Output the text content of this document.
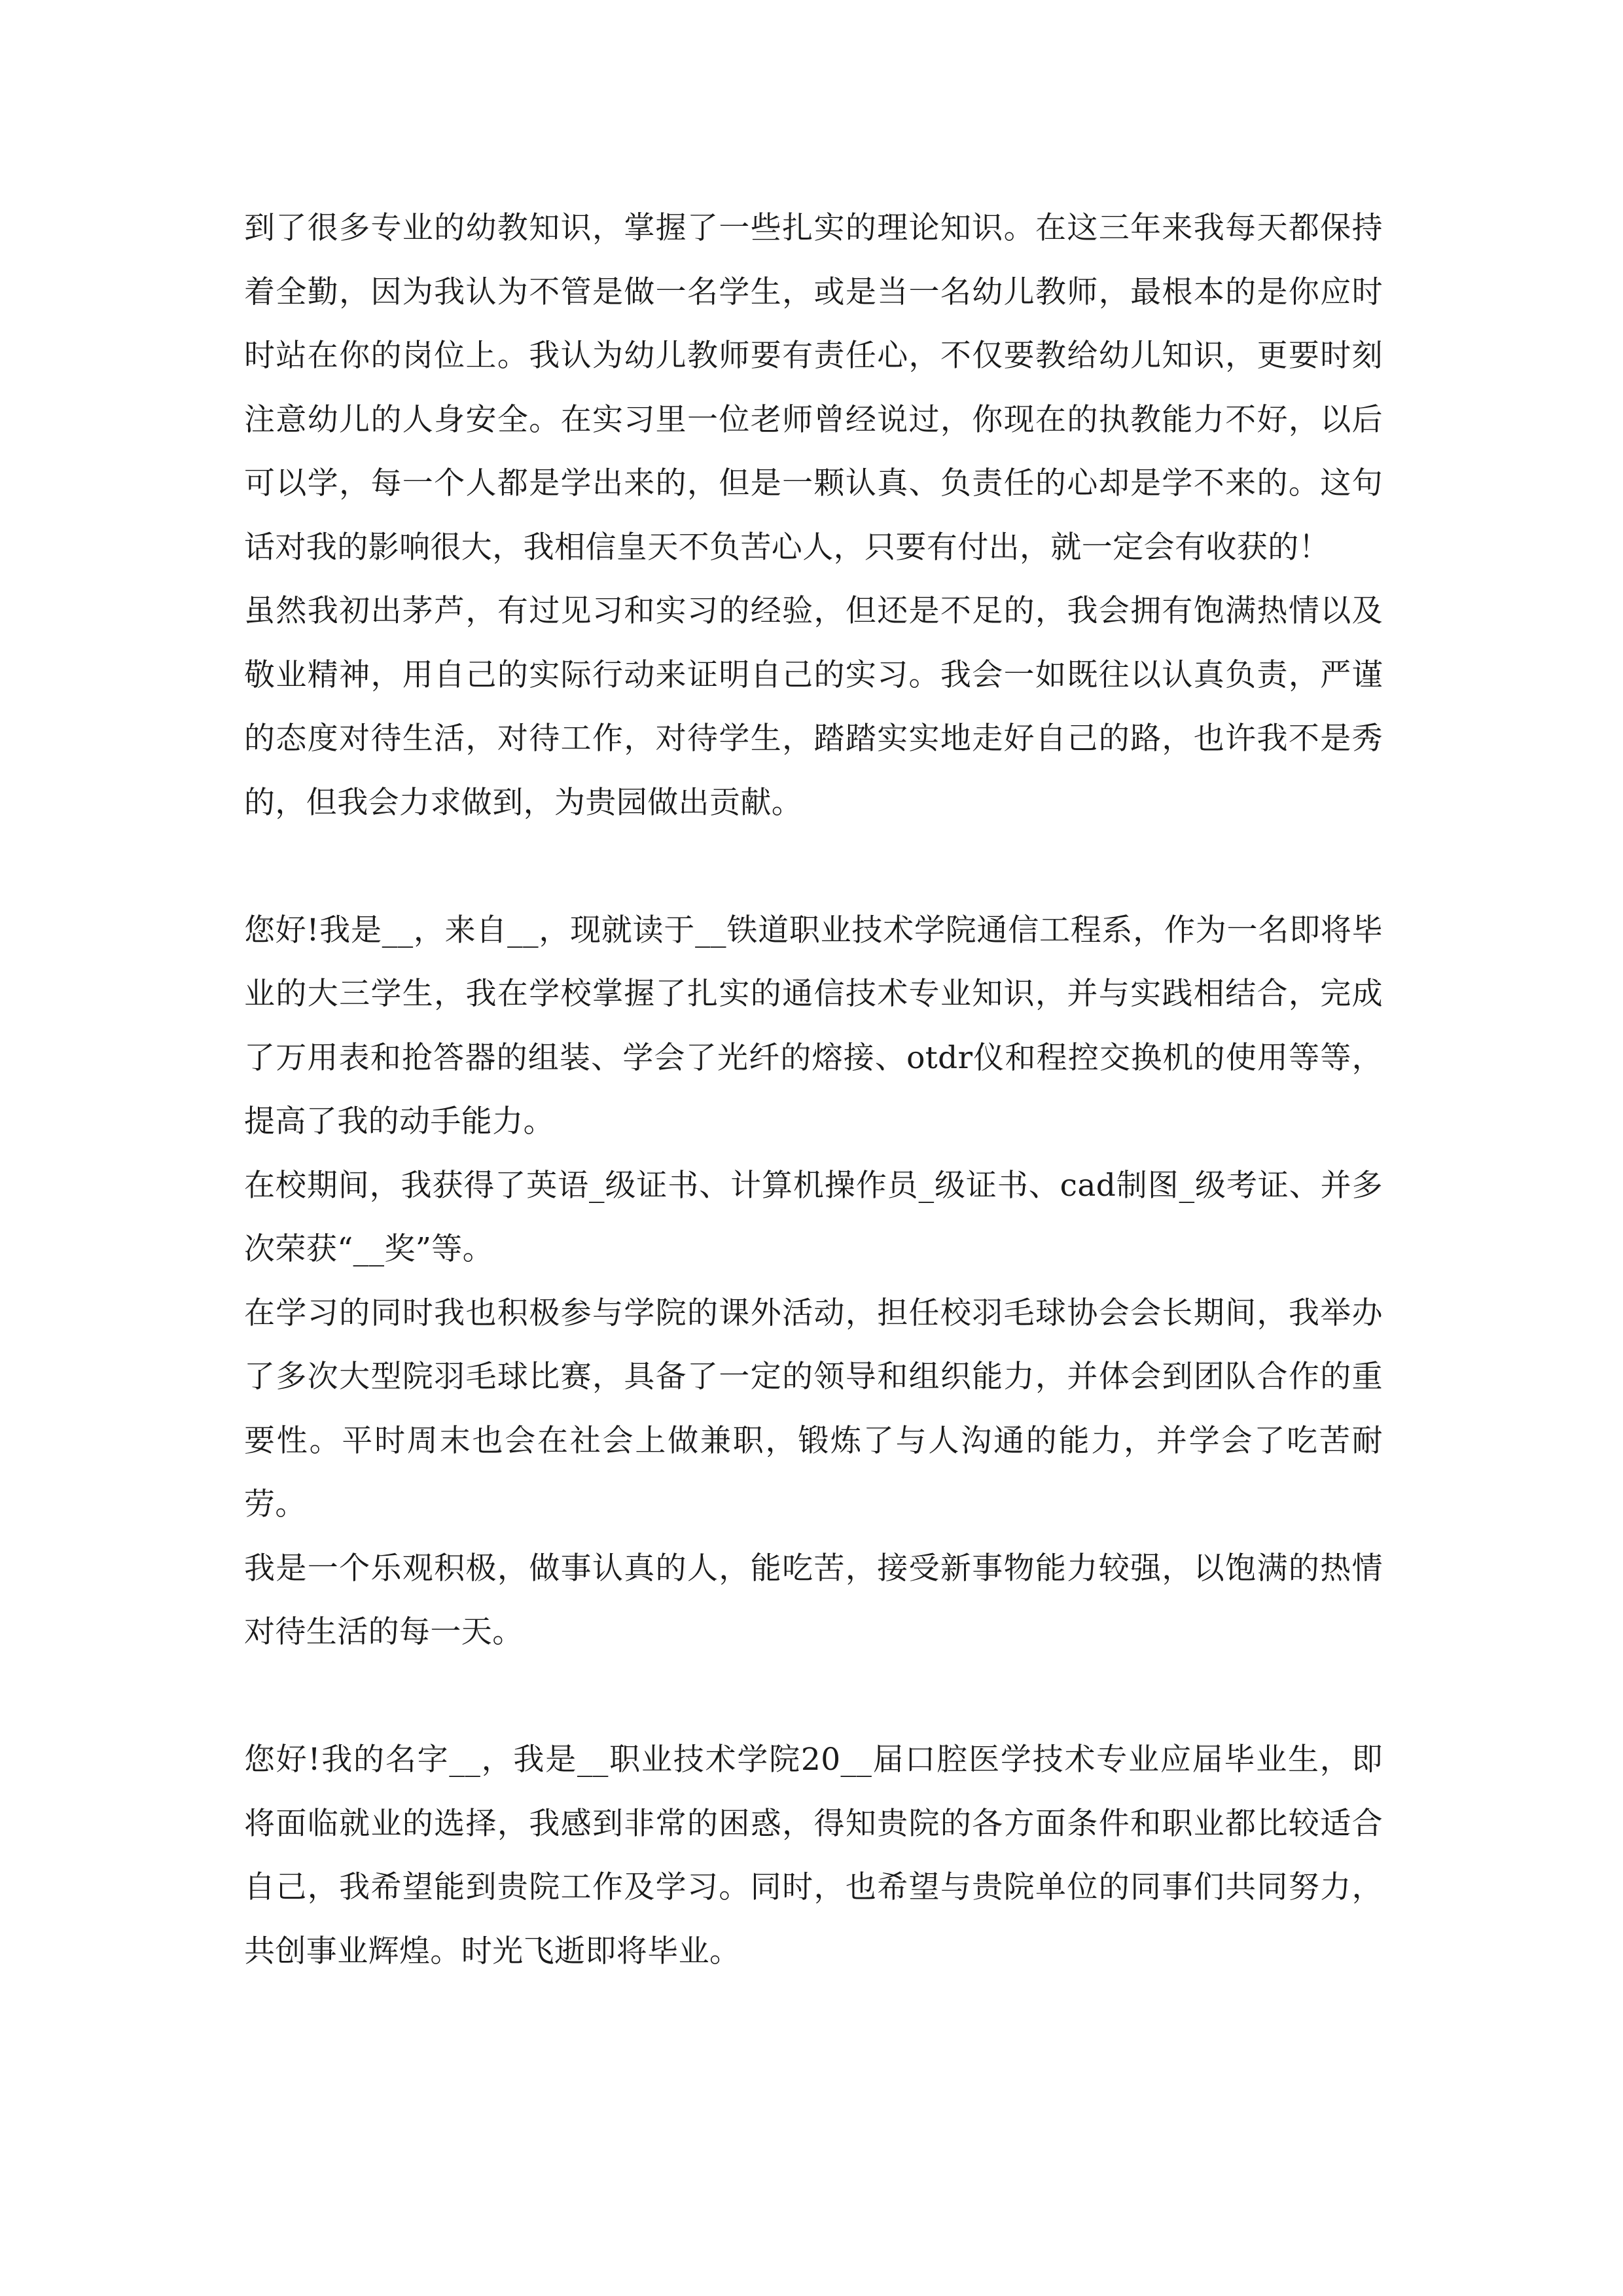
到了很多专业的幼教知识，掌握了一些扎实的理论知识。在这三年来我每天都保持着全勤，因为我认为不管是做一名学生，或是当一名幼儿教师，最根本的是你应时时站在你的岗位上。我认为幼儿教师要有责任心，不仅要教给幼儿知识，更要时刻注意幼儿的人身安全。在实习里一位老师曾经说过，你现在的执教能力不好，以后可以学，每一个人都是学出来的，但是一颗认真、负责任的心却是学不来的。这句话对我的影响很大，我相信皇天不负苦心人，只要有付出，就一定会有收获的！

虽然我初出茅芦，有过见习和实习的经验，但还是不足的，我会拥有饱满热情以及敬业精神，用自己的实际行动来证明自己的实习。我会一如既往以认真负责，严谨的态度对待生活，对待工作，对待学生，踏踏实实地走好自己的路，也许我不是秀的，但我会力求做到，为贵园做出贡献。

您好!我是__，来自__，现就读于__铁道职业技术学院通信工程系，作为一名即将毕业的大三学生，我在学校掌握了扎实的通信技术专业知识，并与实践相结合，完成了万用表和抢答器的组装、学会了光纤的熔接、otdr仪和程控交换机的使用等等，提高了我的动手能力。

在校期间，我获得了英语_级证书、计算机操作员_级证书、cad制图_级考证、并多次荣获“__奖”等。

在学习的同时我也积极参与学院的课外活动，担任校羽毛球协会会长期间，我举办了多次大型院羽毛球比赛，具备了一定的领导和组织能力，并体会到团队合作的重要性。平时周末也会在社会上做兼职，锻炼了与人沟通的能力，并学会了吃苦耐劳。

我是一个乐观积极，做事认真的人，能吃苦，接受新事物能力较强，以饱满的热情对待生活的每一天。

您好!我的名字__，我是__职业技术学院20__届口腔医学技术专业应届毕业生，即将面临就业的选择，我感到非常的困惑，得知贵院的各方面条件和职业都比较适合自己，我希望能到贵院工作及学习。同时，也希望与贵院单位的同事们共同努力，共创事业辉煌。时光飞逝即将毕业。
